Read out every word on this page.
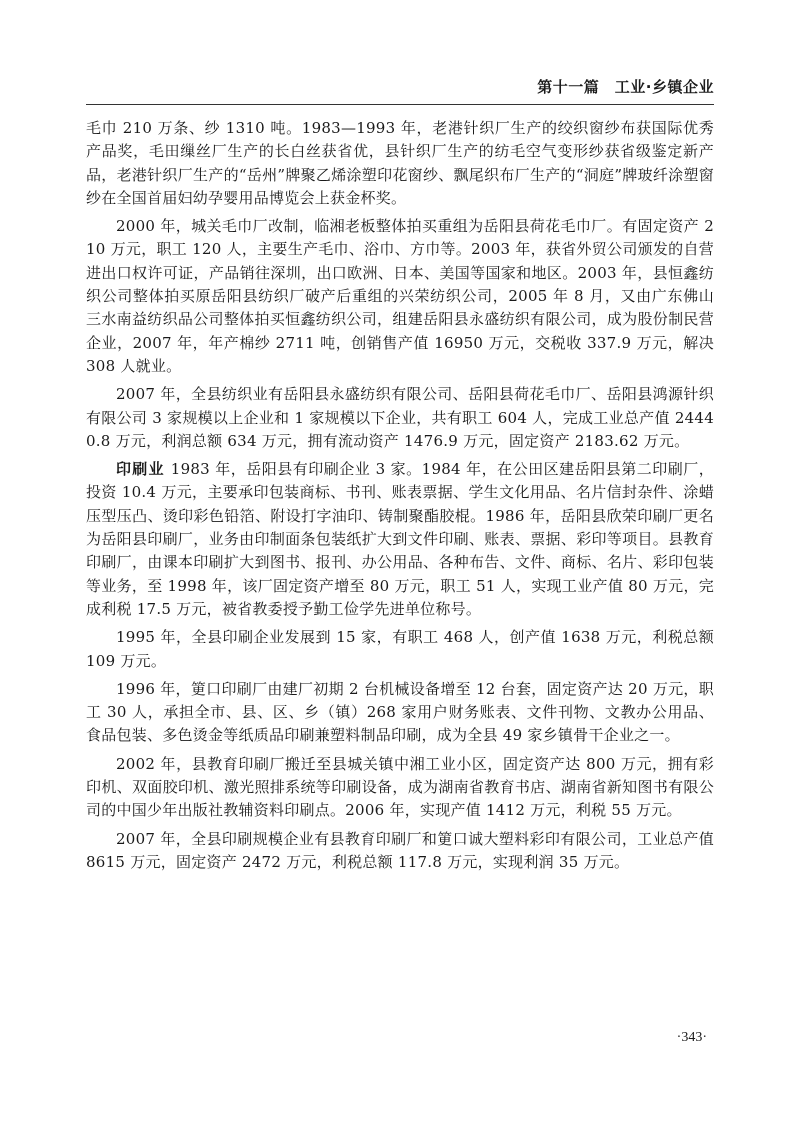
第十一篇　工业·乡镇企业

毛巾 210 万条、纱 1310 吨。1983—1993 年，老港针织厂生产的绞织窗纱布获国际优秀产品奖，毛田缫丝厂生产的长白丝获省优，县针织厂生产的纺毛空气变形纱获省级鉴定新产品，老港针织厂生产的“岳州”牌聚乙烯涂塑印花窗纱、飘尾织布厂生产的“洞庭”牌玻纤涂塑窗纱在全国首届妇幼孕婴用品博览会上获金杯奖。

2000 年，城关毛巾厂改制，临湘老板整体拍买重组为岳阳县荷花毛巾厂。有固定资产 210 万元，职工 120 人，主要生产毛巾、浴巾、方巾等。2003 年，获省外贸公司颁发的自营进出口权许可证，产品销往深圳，出口欧洲、日本、美国等国家和地区。2003 年，县恒鑫纺织公司整体拍买原岳阳县纺织厂破产后重组的兴荣纺织公司，2005 年 8 月，又由广东佛山三水南益纺织品公司整体拍买恒鑫纺织公司，组建岳阳县永盛纺织有限公司，成为股份制民营企业，2007 年，年产棉纱 2711 吨，创销售产值 16950 万元，交税收 337.9 万元，解决 308 人就业。

2007 年，全县纺织业有岳阳县永盛纺织有限公司、岳阳县荷花毛巾厂、岳阳县鸿源针织有限公司 3 家规模以上企业和 1 家规模以下企业，共有职工 604 人，完成工业总产值 24440.8 万元，利润总额 634 万元，拥有流动资产 1476.9 万元，固定资产 2183.62 万元。

印刷业 1983 年，岳阳县有印刷企业 3 家。1984 年，在公田区建岳阳县第二印刷厂，投资 10.4 万元，主要承印包装商标、书刊、账表票据、学生文化用品、名片信封杂件、涂蜡压型压凸、烫印彩色铅箔、附设打字油印、铸制聚酯胶棍。1986 年，岳阳县欣荣印刷厂更名为岳阳县印刷厂，业务由印制面条包装纸扩大到文件印刷、账表、票据、彩印等项目。县教育印刷厂，由课本印刷扩大到图书、报刊、办公用品、各种布告、文件、商标、名片、彩印包装等业务，至 1998 年，该厂固定资产增至 80 万元，职工 51 人，实现工业产值 80 万元，完成利税 17.5 万元，被省教委授予勤工俭学先进单位称号。

1995 年，全县印刷企业发展到 15 家，有职工 468 人，创产值 1638 万元，利税总额 109 万元。

1996 年，筻口印刷厂由建厂初期 2 台机械设备增至 12 台套，固定资产达 20 万元，职工 30 人，承担全市、县、区、乡（镇）268 家用户财务账表、文件刊物、文教办公用品、食品包装、多色烫金等纸质品印刷兼塑料制品印刷，成为全县 49 家乡镇骨干企业之一。

2002 年，县教育印刷厂搬迁至县城关镇中湘工业小区，固定资产达 800 万元，拥有彩印机、双面胶印机、激光照排系统等印刷设备，成为湖南省教育书店、湖南省新知图书有限公司的中国少年出版社教辅资料印刷点。2006 年，实现产值 1412 万元，利税 55 万元。

2007 年，全县印刷规模企业有县教育印刷厂和筻口诚大塑料彩印有限公司，工业总产值 8615 万元，固定资产 2472 万元，利税总额 117.8 万元，实现利润 35 万元。

·343·
